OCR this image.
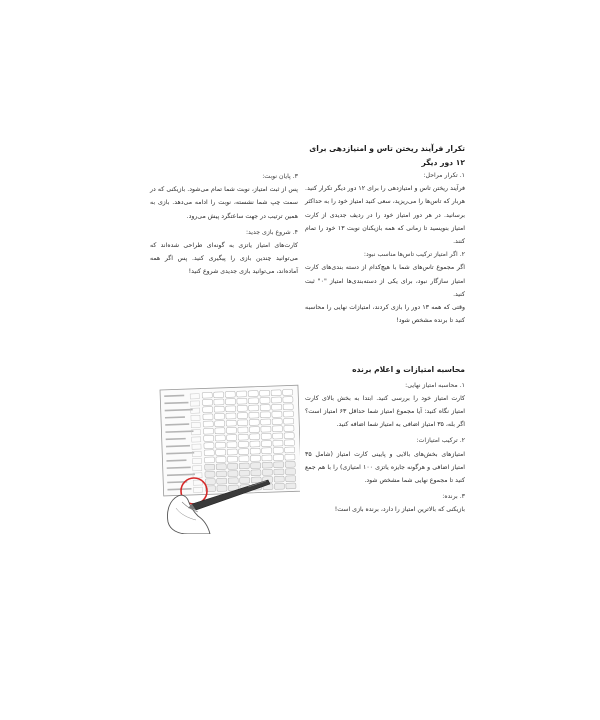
تکرار فرآیند ریختن تاس و امتیازدهی برای ۱۲ دور دیگر
۱. تکرار مراحل:

فرآیند ریختن تاس و امتیازدهی را برای ۱۲ دور دیگر تکرار کنید. هربار که تاس‌ها را می‌ریزید، سعی کنید امتیاز خود را به حداکثر برسانید. در هر دور امتیاز خود را در ردیف جدیدی از کارت امتیاز بنویسید تا زمانی که همه بازیکنان نوبت ۱۳ خود را تمام کنند.

۲. اگر امتیاز ترکیب تاس‌ها مناسب نبود:

اگر مجموع تاس‌های شما با هیچ‌کدام از دسته بندی‌های کارت امتیاز سازگار نبود، برای یکی از دسته‌بندی‌ها امتیاز "۰" ثبت کنید.

وقتی که همه ۱۳ دور را بازی کردند، امتیازات نهایی را محاسبه کنید تا برنده مشخص شود!

۳. پایان نوبت:

پس از ثبت امتیاز، نوبت شما تمام می‌شود. بازیکنی که در سمت چپ شما نشسته، نوبت را ادامه می‌دهد. بازی به همین ترتیب در جهت ساعتگرد پیش می‌رود.

۴. شروع بازی جدید:

کارت‌های امتیاز یاتزی به گونه‌ای طراحی شده‌اند که می‌توانید چندین بازی را پیگیری کنید. پس اگر همه آماده‌اند، می‌توانید بازی جدیدی شروع کنید!

محاسبه امتیازات و اعلام برنده
۱. محاسبه امتیاز نهایی:

کارت امتیاز خود را بررسی کنید. ابتدا به بخش بالای کارت امتیاز نگاه کنید: آیا مجموع امتیاز شما حداقل ۶۳ امتیاز است؟ اگر بله، ۳۵ امتیاز اضافی به امتیاز شما اضافه کنید.

۲. ترکیب امتیازات:

امتیازهای بخش‌های بالایی و پایینی کارت امتیاز (شامل ۳۵ امتیاز اضافی و هرگونه جایزه یاتزی ۱۰۰ امتیازی) را با هم جمع کنید تا مجموع نهایی شما مشخص شود.

۳. برنده:

بازیکنی که بالاترین امتیاز را دارد، برنده بازی است!
